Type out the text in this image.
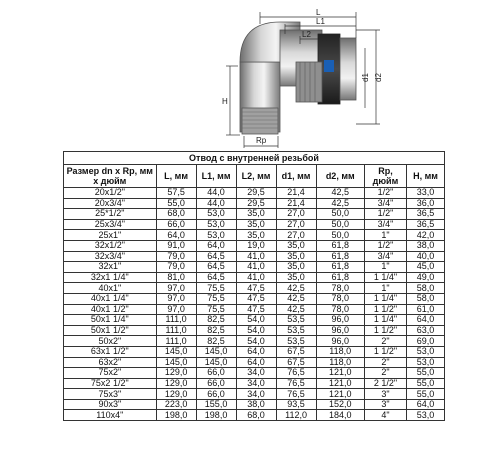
L
L1
L2
d1 d2
H
Rp
Отвод с внутренней резьбой							
Размер dn x Rp, мм x дюйм	L, мм	L1, мм	L2, мм	d1, мм	d2, мм	Rp, дюйм	H, мм
20x1/2"	57,5	44,0	29,5	21,4	42,5	1/2"	33,0
20x3/4"	55,0	44,0	29,5	21,4	42,5	3/4"	36,0
25*1/2"	68,0	53,0	35,0	27,0	50,0	1/2"	36,5
25x3/4"	66,0	53,0	35,0	27,0	50,0	3/4"	36,5
25x1"	64,0	53,0	35,0	27,0	50,0	1"	42,0
32x1/2"	91,0	64,0	19,0	35,0	61,8	1/2"	38,0
32x3/4"	79,0	64,5	41,0	35,0	61,8	3/4"	40,0
32x1"	79,0	64,5	41,0	35,0	61,8	1"	45,0
32x1 1/4"	81,0	64,5	41,0	35,0	61,8	1 1/4"	49,0
40x1"	97,0	75,5	47,5	42,5	78,0	1"	58,0
40x1 1/4"	97,0	75,5	47,5	42,5	78,0	1 1/4"	58,0
40x1 1/2"	97,0	75,5	47,5	42,5	78,0	1 1/2"	61,0
50x1 1/4"	111,0	82,5	54,0	53,5	96,0	1 1/4"	64,0
50x1 1/2"	111,0	82,5	54,0	53,5	96,0	1 1/2"	63,0
50x2"	111,0	82,5	54,0	53,5	96,0	2"	69,0
63x1 1/2"	145,0	145,0	64,0	67,5	118,0	1 1/2"	53,0
63x2"	145,0	145,0	64,0	67,5	118,0	2"	53,0
75x2"	129,0	66,0	34,0	76,5	121,0	2"	55,0
75x2 1/2"	129,0	66,0	34,0	76,5	121,0	2 1/2"	55,0
75x3"	129,0	66,0	34,0	76,5	121,0	3"	55,0
90x3"	223,0	155,0	38,0	93,5	152,0	3"	64,0
110x4"	198,0	198,0	68,0	112,0	184,0	4"	53,0
